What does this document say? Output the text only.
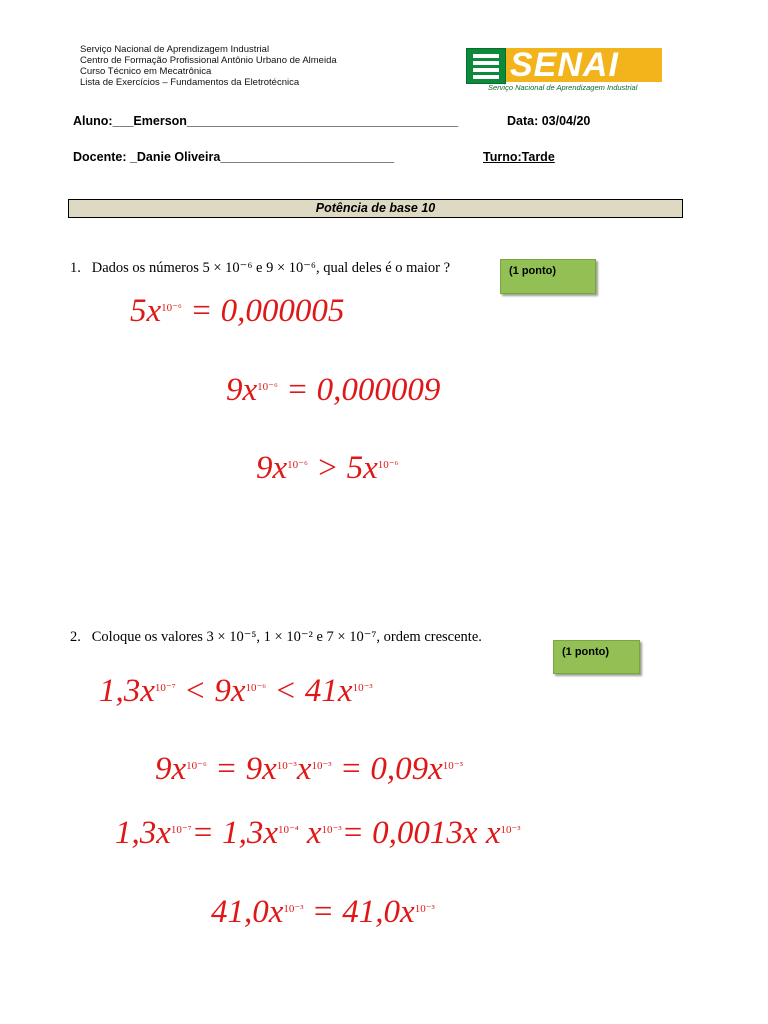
Serviço Nacional de Aprendizagem Industrial
Centro de Formação Profissional Antônio Urbano de Almeida
Curso Técnico em Mecatrônica
Lista de Exercícios – Fundamentos da Eletrotécnica	SENAI
Serviço Nacional de Aprendizagem Industrial
Aluno:___Emerson_______________________________________	Data: 03/04/20
Docente: _Danie Oliveira_________________________	Turno:Tarde
Potência de base 10
1. Dados os números 5 × 10⁻⁶ e 9 × 10⁻⁶, qual deles é o maior ?	(1 ponto)
$5x^{10^{-6}} = 0,000005$
$9x^{10^{-6}} = 0,000009$
$9x^{10^{-6}} > 5x^{10^{-6}}$
2. Coloque os valores 3 × 10⁻⁵, 1 × 10⁻² e 7 × 10⁻⁷, ordem crescente.
(1 ponto)
$1,3x^{10^{-7}} < 9x^{10^{-6}} < 41x^{10^{-3}}$
$9x^{10^{-6}} = 9x^{10^{-3}}x^{10^{-3}} = 0,09x^{10^{-3}}$
$1,3x^{10^{-7}}= 1,3x^{10^{-4}}$ $x^{10^{-3}}= 0,0013x$ $x^{10^{-3}}$
$41,0x^{10^{-3}} = 41,0x^{10^{-3}}$
